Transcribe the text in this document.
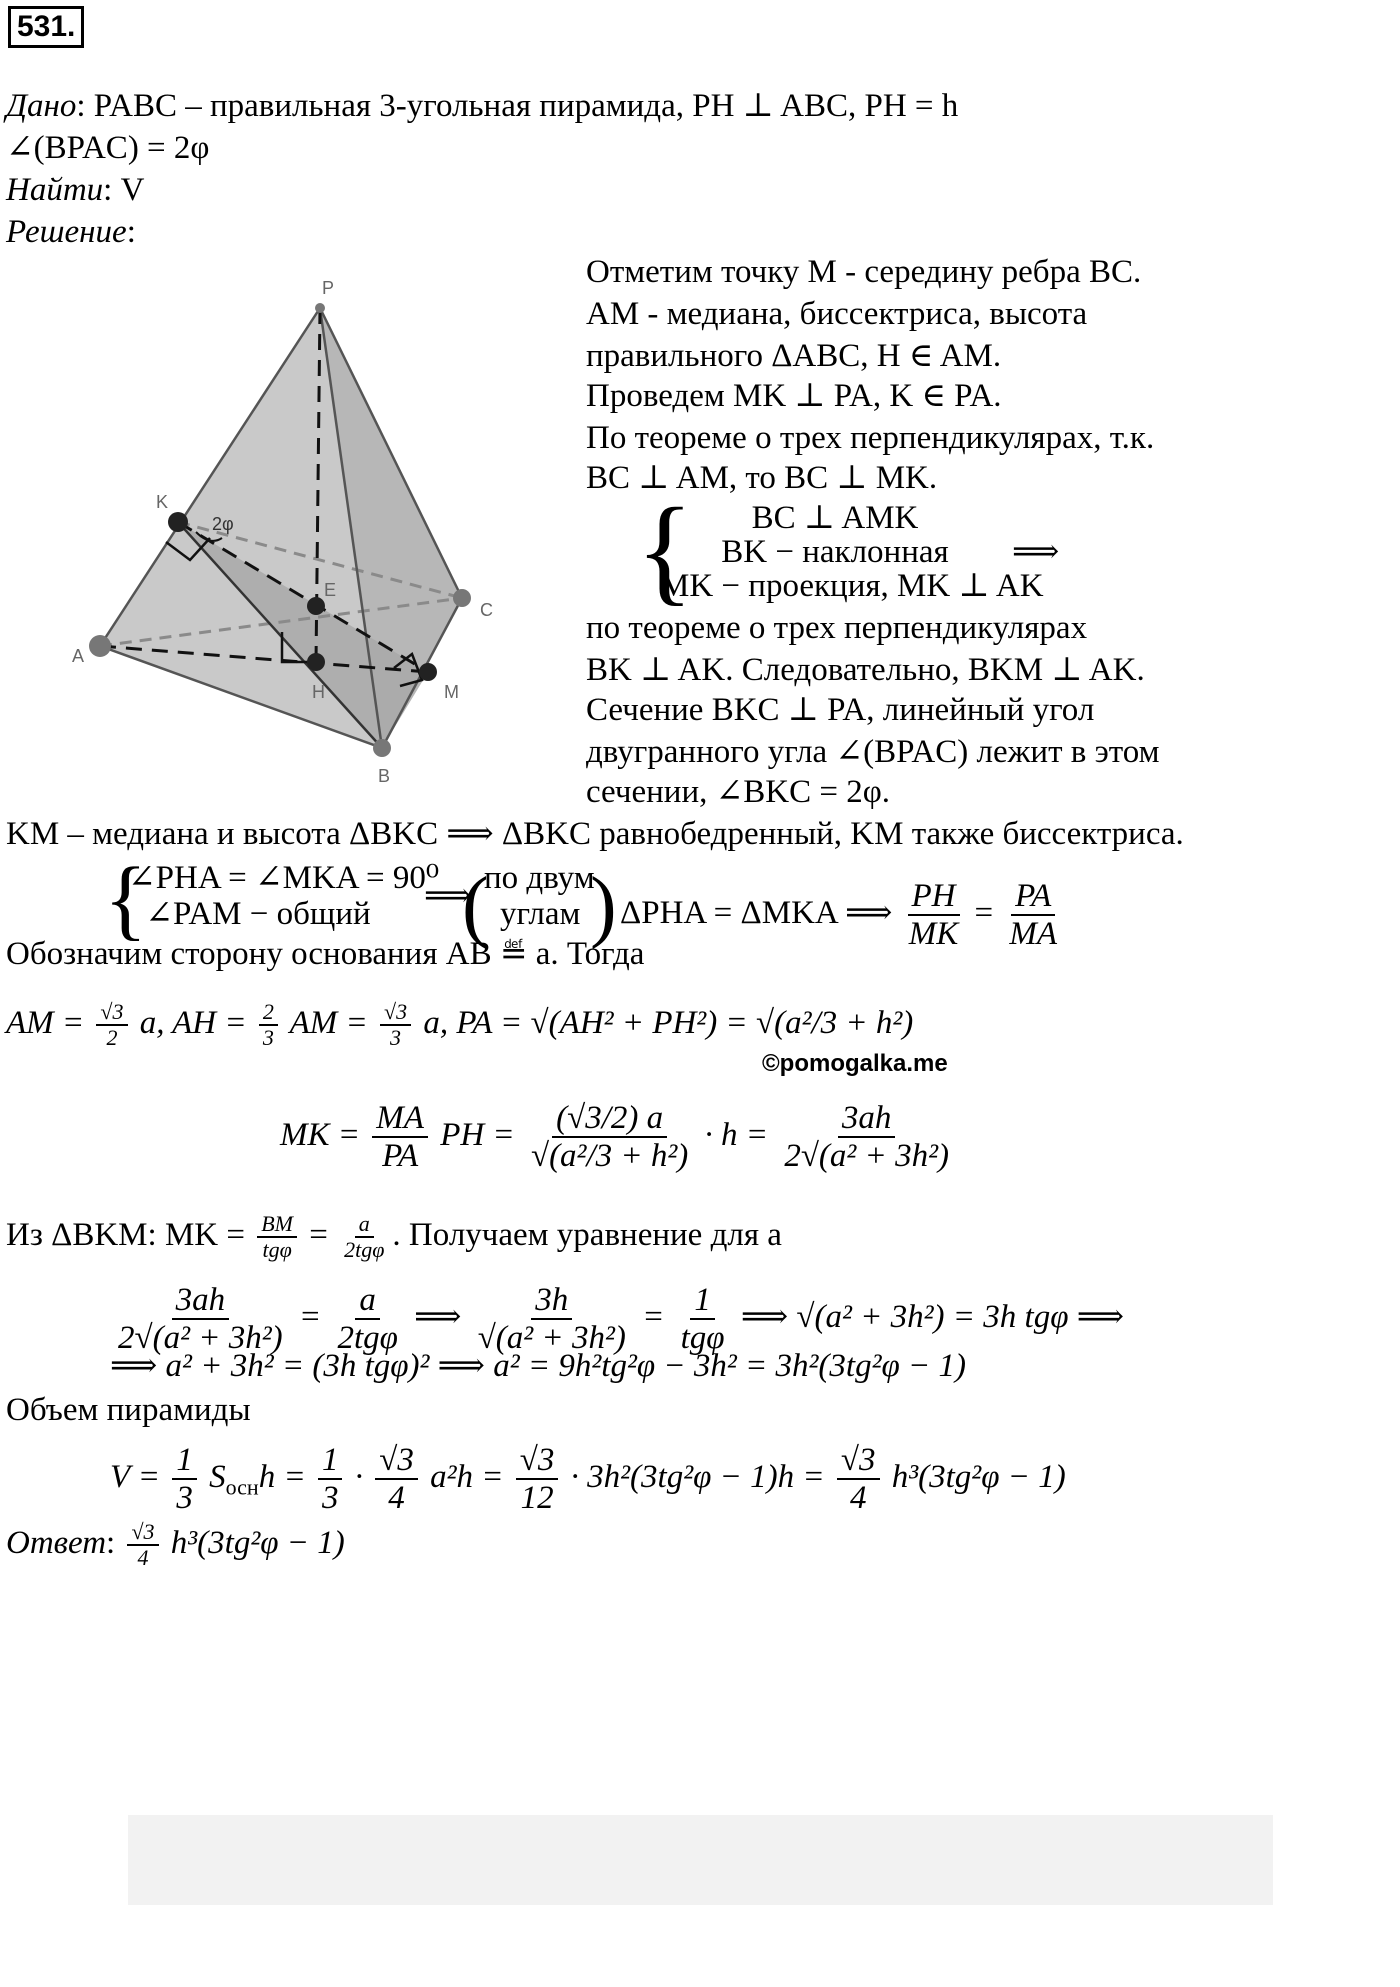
531.
Дано: PABC – правильная 3-угольная пирамида, PH ⊥ ABC, PH = h
∠(BPAC) = 2φ
Найти: V
Решение:
P
A
B
C
K
E
H	M
2φ
Отметим точку M - середину ребра BC.
AM - медиана, биссектриса, высота
правильного ΔABC, H ∈ AM.
Проведем MK ⊥ PA, K ∈ PA.
По теореме о трех перпендикулярах, т.к.
BC ⊥ AM, то BC ⊥ MK.
{	BC ⊥ AMK
BK − наклонная
MK − проекция, MK ⊥ AK
⟹
по теореме о трех перпендикулярах
BK ⊥ AK. Следовательно, BKM ⊥ AK.
Сечение BKC ⊥ PA, линейный угол
двугранного угла ∠(BPAC) лежит в этом
сечении, ∠BKC = 2φ.
KM – медиана и высота ΔBKC ⟹ ΔBKC равнобедренный, KM также биссектриса.
{
∠PHA = ∠MKA = 90⁰
∠PAM − общий	⟹
(
по двум
углам )
©pomogalka.me
ΔPHA = ΔMKA ⟹ $\frac{PH}{MK} = \frac{PA}{MA}$
Обозначим сторону основания AB ≝ a. Тогда
AM = $\frac{√3}{2} a$, AH = $\frac{2}{3}$ AM = $\frac{√3}{3} a$, PA = √(AH² + PH²) = √(a²/3 + h²)
MK = $\frac{MA}{PA}$ PH = $\frac{(√3/2) a}{\text{√(a²/3 + h²)}} \cdot h = \frac{3ah}{\text{2√(a² + 3h²)}}$
Из ΔBKM: MK = $\frac{BM}{\text{tgφ}} = \frac{a}{\text{2tgφ}}$ . Получаем уравнение для a
$\frac{3ah}{\text{2√(a² + 3h²)}} = \frac{a}{\text{2tgφ}}$ ⟹ $\frac{3h}{\text{√(a² + 3h²)}} = \frac{1}{\text{tgφ}}$ ⟹ √(a² + 3h²) = 3h tgφ ⟹
⟹ a² + 3h² = (3h tgφ)² ⟹ a² = 9h²tg²φ − 3h² = 3h²(3tg²φ − 1)
Объем пирамиды
$V = \frac{1}{3} S_{осн}h = \frac{1}{3} \cdot \frac{√3}{4} a^2h = \frac{√3}{12} \cdot 3h^2(3tg^2\varphi - 1)h = \frac{√3}{4} h^3(3tg^2\varphi - 1)$
Ответ: $\frac{√3}{4} h^3(3tg^2\varphi - 1)$
